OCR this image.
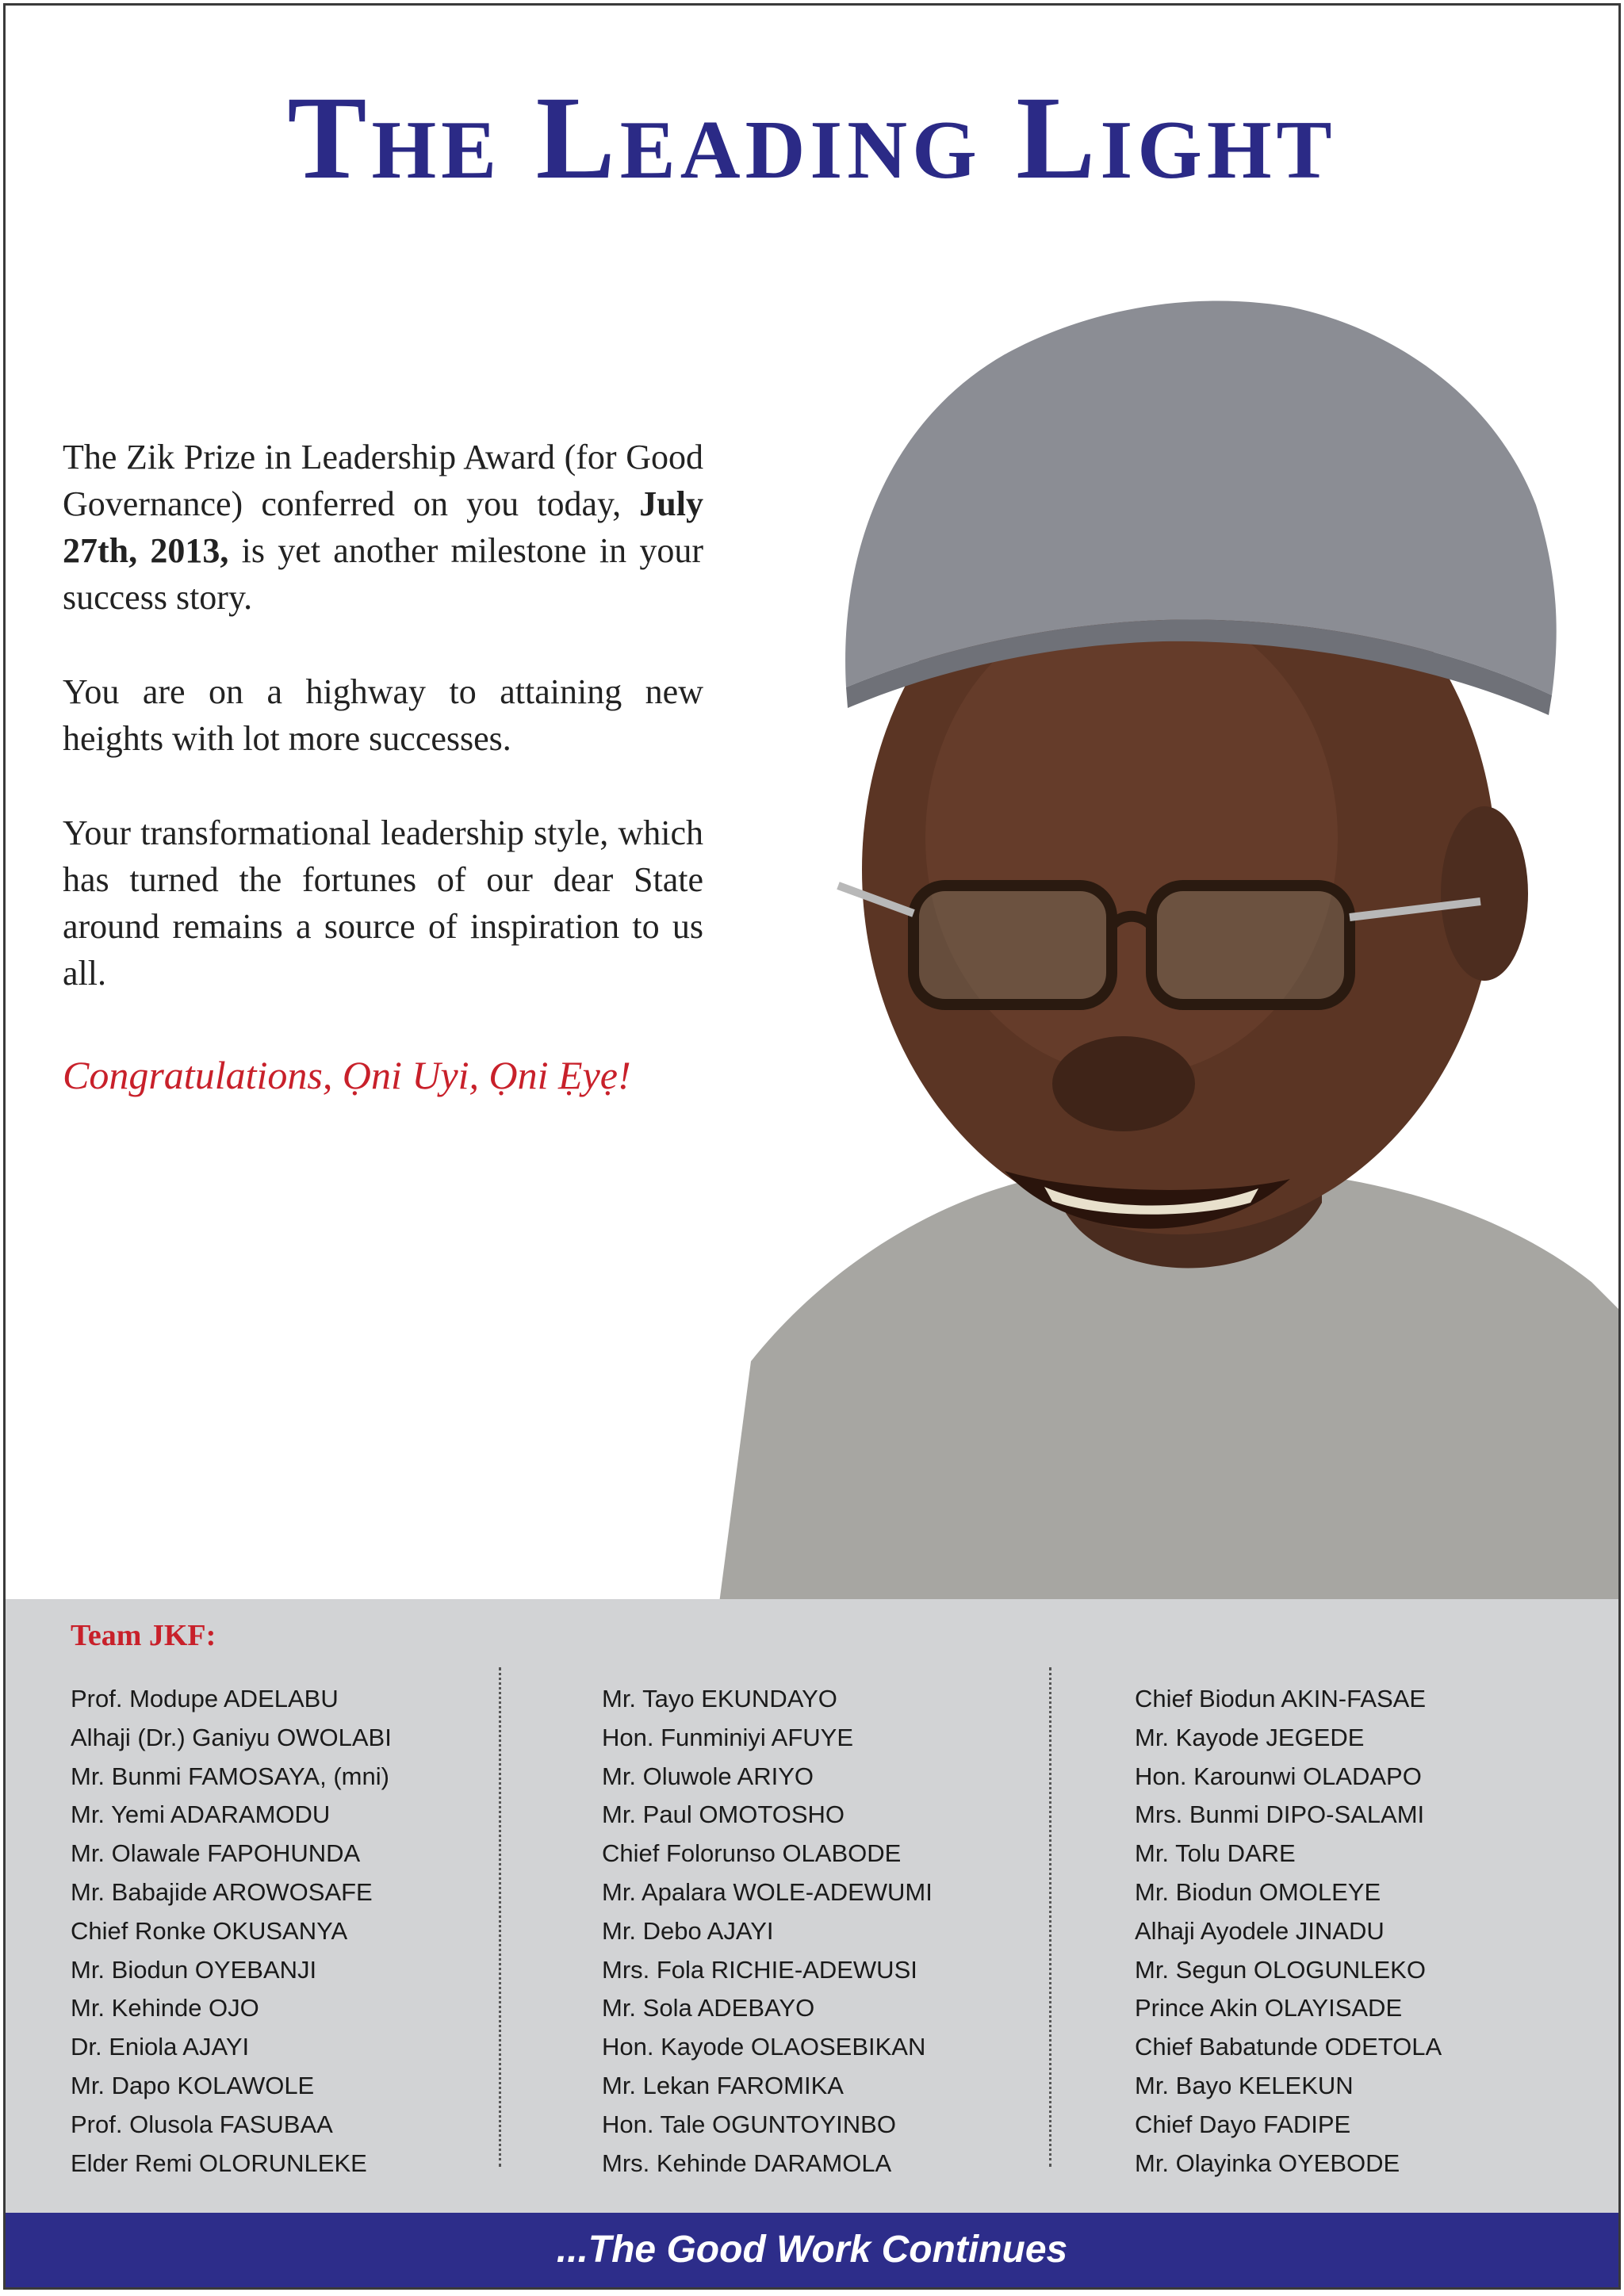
The Leading Light

The Zik Prize in Leadership Award (for Good Governance) conferred on you today, July 27th, 2013, is yet another milestone in your success story.

You are on a highway to attaining new heights with lot more successes.

Your transformational leadership style, which has turned the fortunes of our dear State around remains a source of inspiration to us all.

Congratulations, Ọni Uyi, Ọni Ẹyẹ!
Team JKF:
Prof. Modupe ADELABU
Alhaji (Dr.) Ganiyu OWOLABI
Mr. Bunmi FAMOSAYA, (mni)
Mr. Yemi ADARAMODU
Mr. Olawale FAPOHUNDA
Mr. Babajide AROWOSAFE
Chief Ronke OKUSANYA
Mr. Biodun OYEBANJI
Mr. Kehinde OJO
Dr. Eniola AJAYI
Mr. Dapo KOLAWOLE
Prof. Olusola FASUBAA
Elder Remi OLORUNLEKE
Mr. Tayo EKUNDAYO
Hon. Funminiyi AFUYE
Mr. Oluwole ARIYO
Mr. Paul OMOTOSHO
Chief Folorunso OLABODE
Mr. Apalara WOLE-ADEWUMI
Mr. Debo AJAYI
Mrs. Fola RICHIE-ADEWUSI
Mr. Sola ADEBAYO
Hon. Kayode OLAOSEBIKAN
Mr. Lekan FAROMIKA
Hon. Tale OGUNTOYINBO
Mrs. Kehinde DARAMOLA
Chief Biodun AKIN-FASAE
Mr. Kayode JEGEDE
Hon. Karounwi OLADAPO
Mrs. Bunmi DIPO-SALAMI
Mr. Tolu DARE
Mr. Biodun OMOLEYE
Alhaji Ayodele JINADU
Mr. Segun OLOGUNLEKO
Prince Akin OLAYISADE
Chief Babatunde ODETOLA
Mr. Bayo KELEKUN
Chief Dayo FADIPE
Mr. Olayinka OYEBODE
...The Good Work Continues
